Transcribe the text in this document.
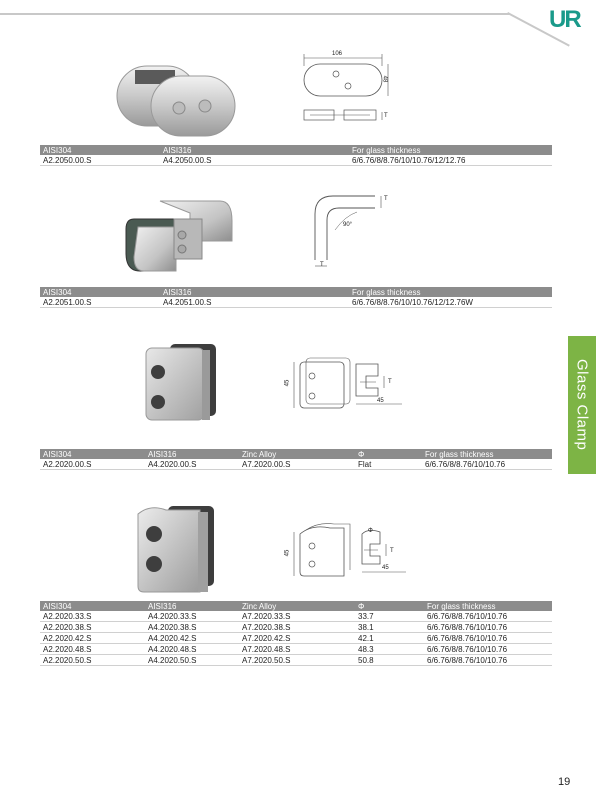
UR
Glass Clamp
106
48
T
AISI304	AISI316	For glass thickness
A2.2050.00.S	A4.2050.00.S	6/6.76/8/8.76/10/10.76/12/12.76
90°
T
T
AISI304	AISI316	For glass thickness
A2.2051.00.S	A4.2051.00.S	6/6.76/8/8.76/10/10.76/12/12.76W
45	T
45
AISI304	AISI316	Zinc Alloy	Φ	For glass thickness
A2.2020.00.S	A4.2020.00.S	A7.2020.00.S	Flat	6/6.76/8/8.76/10/10.76
Φ
45	T
45
AISI304	AISI316	Zinc Alloy	Φ	For glass thickness
A2.2020.33.S	A4.2020.33.S	A7.2020.33.S	33.7	6/6.76/8/8.76/10/10.76
A2.2020.38.S	A4.2020.38.S	A7.2020.38.S	38.1	6/6.76/8/8.76/10/10.76
A2.2020.42.S	A4.2020.42.S	A7.2020.42.S	42.1	6/6.76/8/8.76/10/10.76
A2.2020.48.S	A4.2020.48.S	A7.2020.48.S	48.3	6/6.76/8/8.76/10/10.76
A2.2020.50.S	A4.2020.50.S	A7.2020.50.S	50.8	6/6.76/8/8.76/10/10.76
19
